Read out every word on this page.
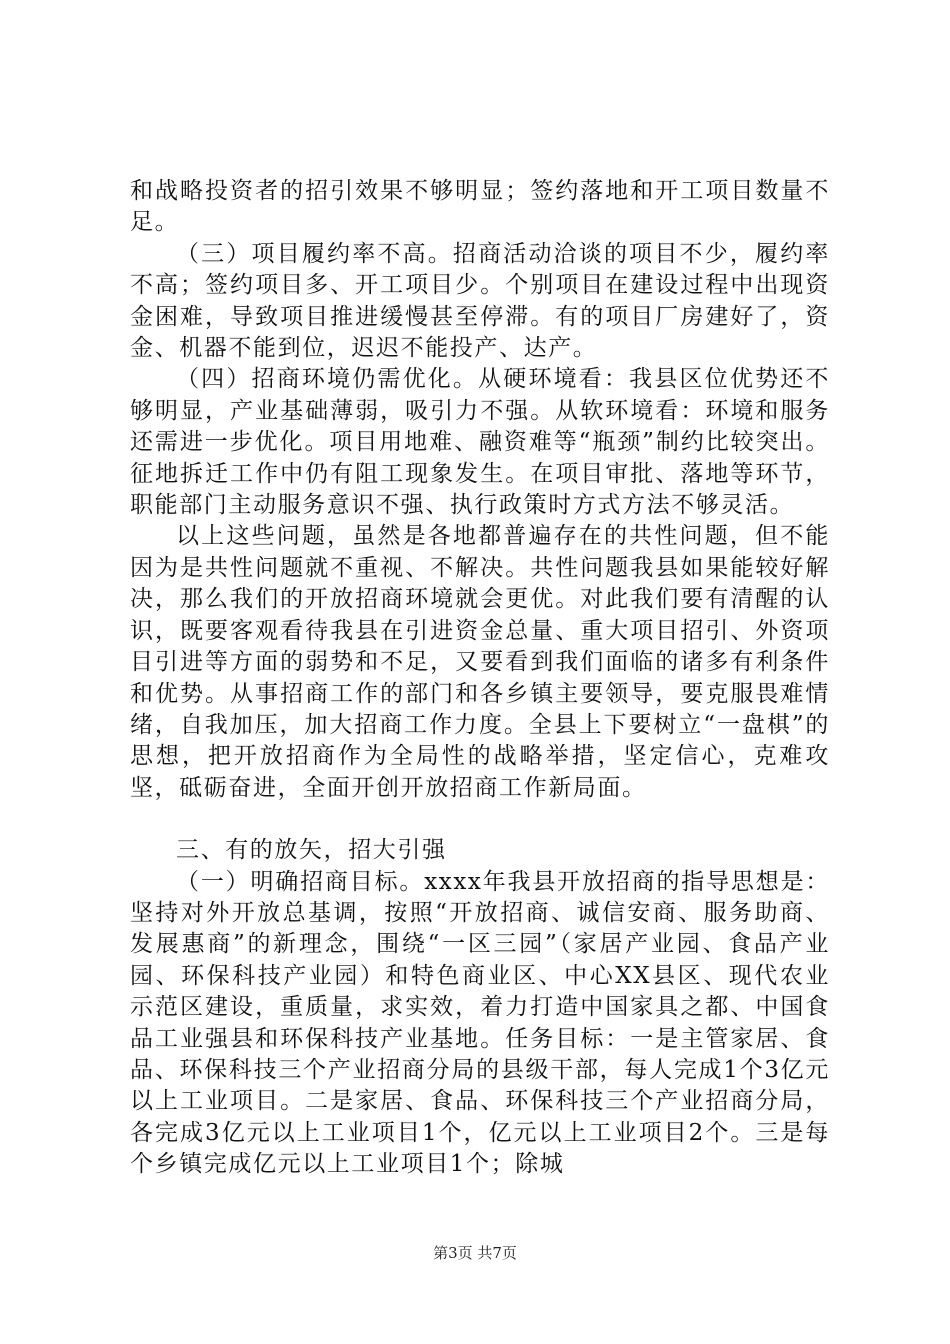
和战略投资者的招引效果不够明显；签约落地和开工项目数量不足。

（三）项目履约率不高。招商活动洽谈的项目不少，履约率不高；签约项目多、开工项目少。个别项目在建设过程中出现资金困难，导致项目推进缓慢甚至停滞。有的项目厂房建好了，资金、机器不能到位，迟迟不能投产、达产。

（四）招商环境仍需优化。从硬环境看：我县区位优势还不够明显，产业基础薄弱，吸引力不强。从软环境看：环境和服务还需进一步优化。项目用地难、融资难等“瓶颈”制约比较突出。征地拆迁工作中仍有阻工现象发生。在项目审批、落地等环节，职能部门主动服务意识不强、执行政策时方式方法不够灵活。

以上这些问题，虽然是各地都普遍存在的共性问题，但不能因为是共性问题就不重视、不解决。共性问题我县如果能较好解决，那么我们的开放招商环境就会更优。对此我们要有清醒的认识，既要客观看待我县在引进资金总量、重大项目招引、外资项目引进等方面的弱势和不足，又要看到我们面临的诸多有利条件和优势。从事招商工作的部门和各乡镇主要领导，要克服畏难情绪，自我加压，加大招商工作力度。全县上下要树立“一盘棋”的思想，把开放招商作为全局性的战略举措，坚定信心，克难攻坚，砥砺奋进，全面开创开放招商工作新局面。

三、有的放矢，招大引强

（一）明确招商目标。xxxx年我县开放招商的指导思想是：坚持对外开放总基调，按照“开放招商、诚信安商、服务助商、发展惠商”的新理念，围绕“一区三园”（家居产业园、食品产业园、环保科技产业园）和特色商业区、中心XX县区、现代农业示范区建设，重质量，求实效，着力打造中国家具之都、中国食品工业强县和环保科技产业基地。任务目标：一是主管家居、食品、环保科技三个产业招商分局的县级干部，每人完成1个3亿元以上工业项目。二是家居、食品、环保科技三个产业招商分局，各完成3亿元以上工业项目1个，亿元以上工业项目2个。三是每个乡镇完成亿元以上工业项目1个；除城

第3页 共7页
